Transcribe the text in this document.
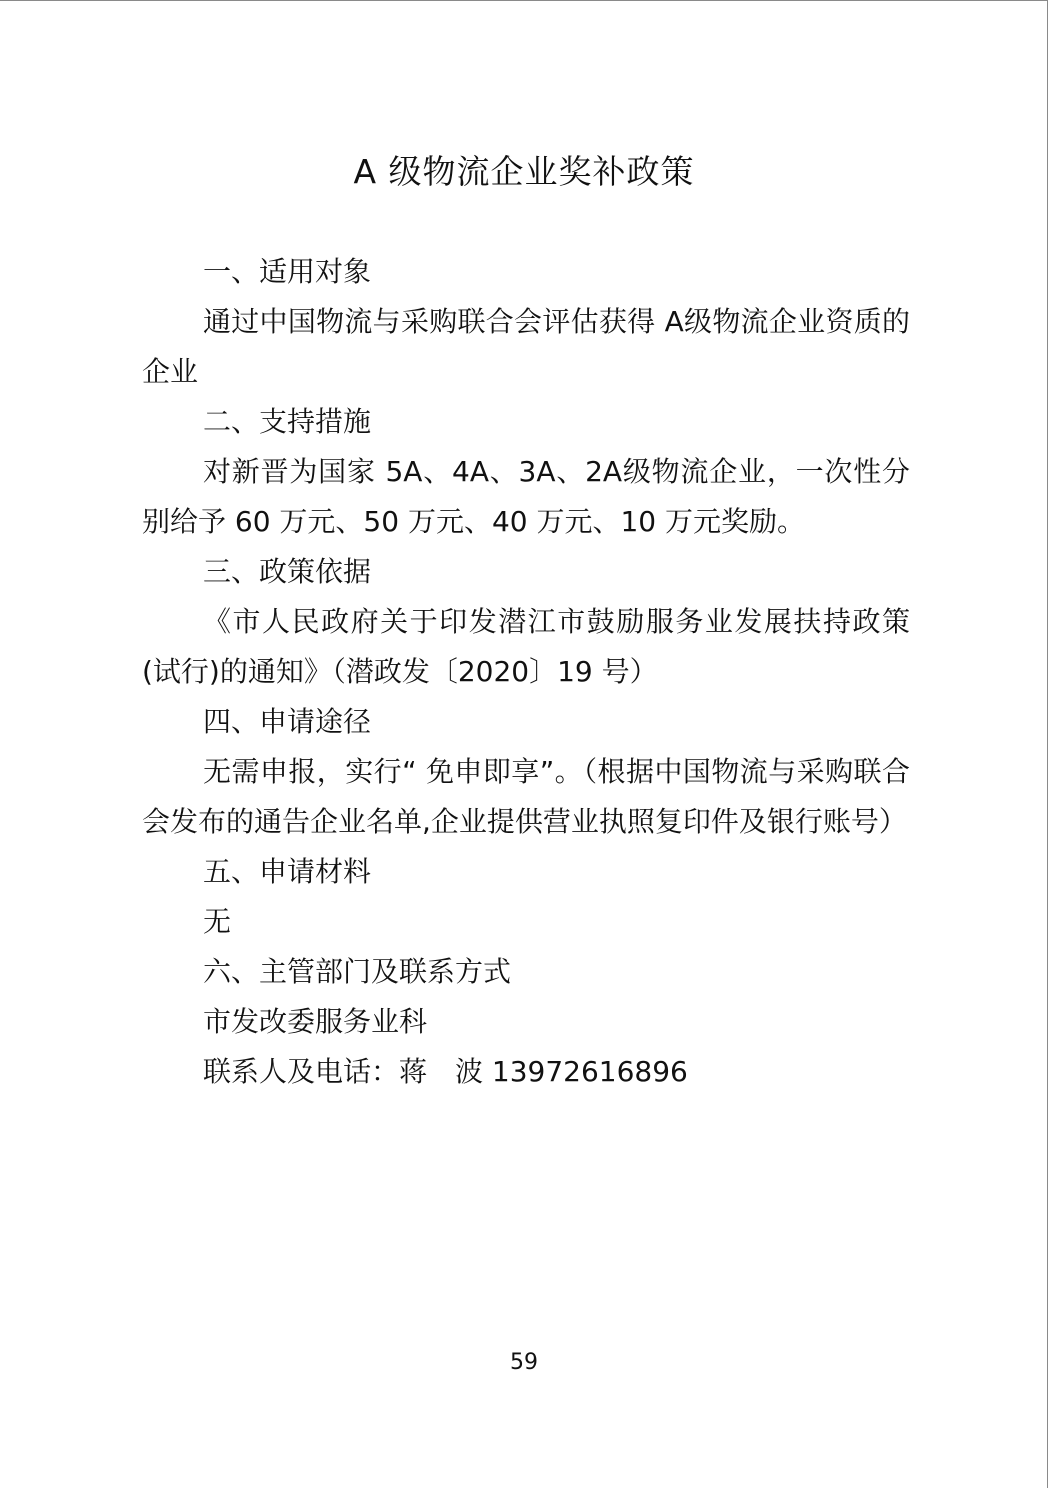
A 级物流企业奖补政策

一、适用对象

通过中国物流与采购联合会评估获得 A级物流企业资质的企业

二、支持措施

对新晋为国家 5A、4A、3A、2A级物流企业，一次性分别给予 60 万元、50 万元、40 万元、10 万元奖励。

三、政策依据

《市人民政府关于印发潜江市鼓励服务业发展扶持政策(试行)的通知》（潜政发〔2020〕19 号）

四、申请途径

无需申报，实行“ 免申即享”。（根据中国物流与采购联合会发布的通告企业名单,企业提供营业执照复印件及银行账号）

五、申请材料

无

六、主管部门及联系方式

市发改委服务业科

联系人及电话：蒋　波 13972616896

59
